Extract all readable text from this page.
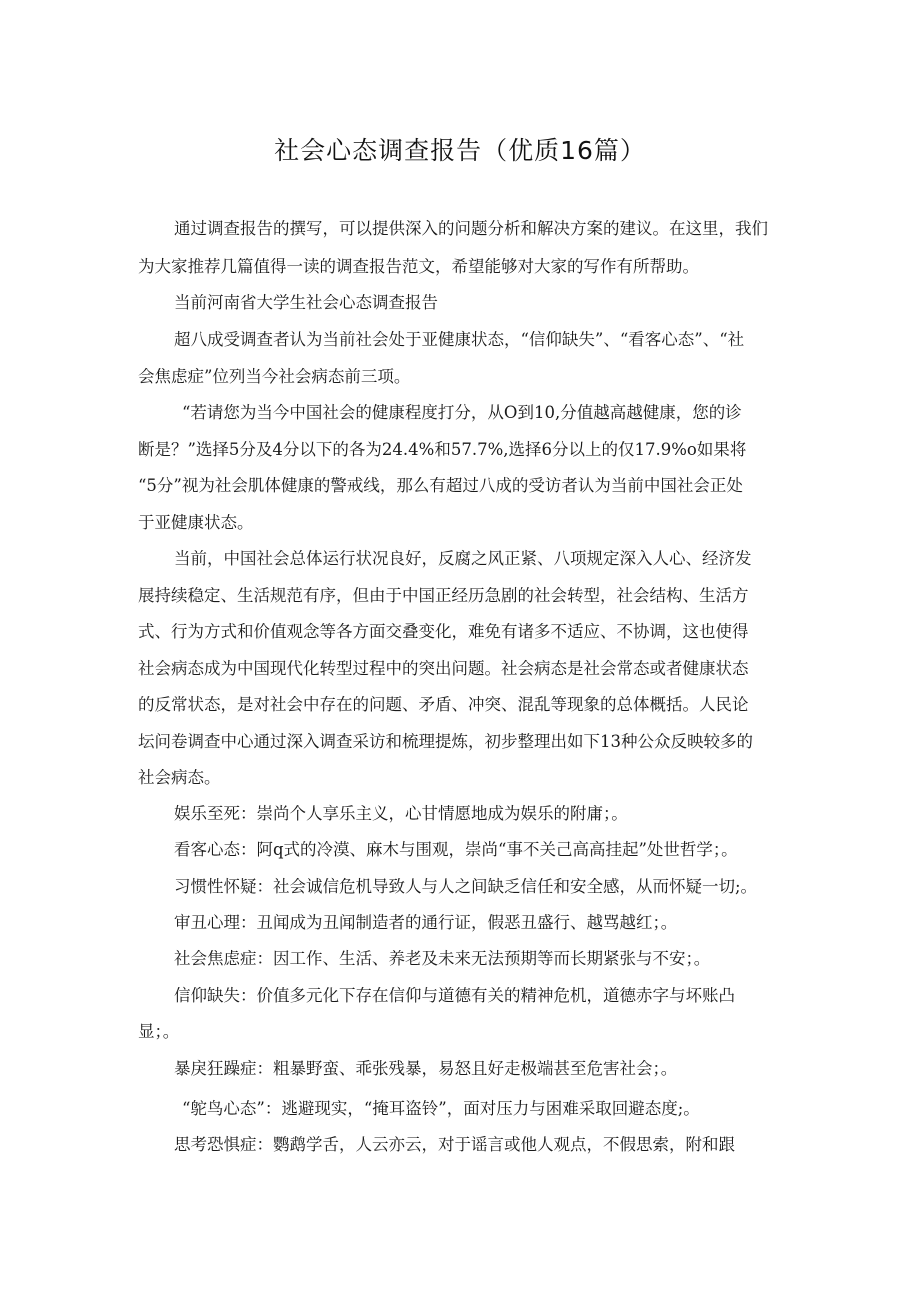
社会心态调查报告（优质16篇）
通过调查报告的撰写，可以提供深入的问题分析和解决方案的建议。在这里，我们
为大家推荐几篇值得一读的调查报告范文，希望能够对大家的写作有所帮助。
当前河南省大学生社会心态调查报告
超八成受调查者认为当前社会处于亚健康状态，“信仰缺失”、“看客心态”、“社
会焦虑症”位列当今社会病态前三项。
“若请您为当今中国社会的健康程度打分，从O到10,分值越高越健康，您的诊
断是？”选择5分及4分以下的各为24.4%和57.7%,选择6分以上的仅17.9%o如果将
“5分”视为社会肌体健康的警戒线，那么有超过八成的受访者认为当前中国社会正处
于亚健康状态。
当前，中国社会总体运行状况良好，反腐之风正紧、八项规定深入人心、经济发
展持续稳定、生活规范有序，但由于中国正经历急剧的社会转型，社会结构、生活方
式、行为方式和价值观念等各方面交叠变化，难免有诸多不适应、不协调，这也使得
社会病态成为中国现代化转型过程中的突出问题。社会病态是社会常态或者健康状态
的反常状态，是对社会中存在的问题、矛盾、冲突、混乱等现象的总体概括。人民论
坛问卷调查中心通过深入调查采访和梳理提炼，初步整理出如下13种公众反映较多的
社会病态。
娱乐至死：崇尚个人享乐主义，心甘情愿地成为娱乐的附庸；。
看客心态：阿q式的冷漠、麻木与围观，崇尚“事不关己高高挂起”处世哲学；。
习惯性怀疑：社会诚信危机导致人与人之间缺乏信任和安全感，从而怀疑一切;。
审丑心理：丑闻成为丑闻制造者的通行证，假恶丑盛行、越骂越红；。
社会焦虑症：因工作、生活、养老及未来无法预期等而长期紧张与不安；。
信仰缺失：价值多元化下存在信仰与道德有关的精神危机，道德赤字与坏账凸
显；。
暴戾狂躁症：粗暴野蛮、乖张残暴，易怒且好走极端甚至危害社会；。
“鸵鸟心态”：逃避现实，“掩耳盗铃”，面对压力与困难采取回避态度;。
思考恐惧症：鹦鹉学舌，人云亦云，对于谣言或他人观点，不假思索，附和跟
